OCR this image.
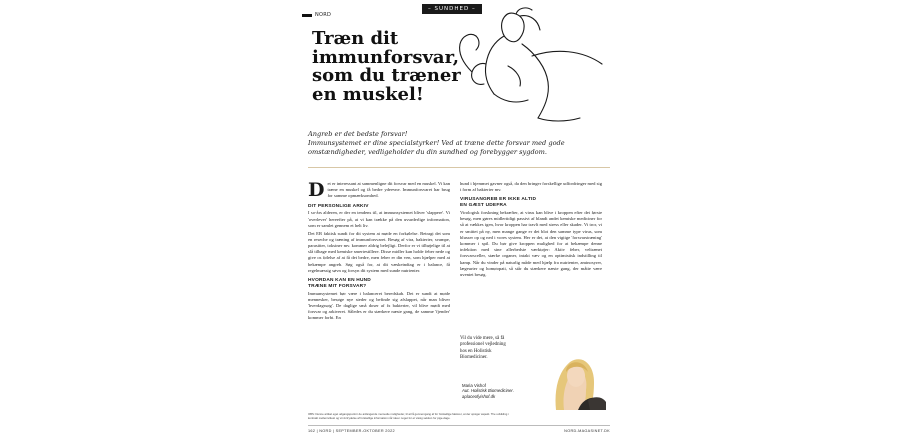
NORD
– SUNDHED –
Træn dit
immunforsvar,
som du træner
en muskel!
Angreb er det bedste forsvar!
Immunsystemet er dine specialstyrker! Ved at træne dette forsvar med gode
omstændigheder, vedligeholder du din sundhed og forebygger sygdom.

Det er interessant at sammenligne dit forsvar med en muskel. Vi kan træne en muskel og få bedre ydeevne. Immunforsvaret har brug for samme opmærksomhed.

DIT PERSONLIGE ARKIV

I so-års alderen, er der en tendens til, at immunsystemet bliver 'slappere'. Vi 'overlever' hereefter på, at vi kan trække på den uvurderlige information, som er samlet gennem et helt liv.

Det ER faktisk sundt for dit system at møde en forkølelse. Betragt det som en reseche og træning af immunforsvaret. Besøg af vira, bakterier, svampe, parasitter, toksiner mv. kommer aldrig belejligt. Derfor er vi tilbøjelige til at slå tilbage med kemiske smertestillere. Disse midler kan holde feber nede og give os følelse af at få det bedre, men feber er din ven, som hjælper med at bekæmpe angreb. Søg også for, at dit væskeindtag er i balance, få regelmæssig søvn og forsyn dit system med sunde nutrienter.

HVORDAN KAN EN HUND
TRÆNE MIT FORSVAR?

Immunsystemet bør være i balanceret beredskab. Det er sundt at møde mennesker, besøge nye steder og befinde sig afslappet, når man bliver 'hverdagssøg'. De daglige små doser af fx bakterier, vil blive mødt med forsvar og arkiveret. Således er du stærkere næste gang, de samme 'fjender' kommer forbi. En

hund i hjemmet gavner også, da den bringer forskellige udfordringer med sig i form af bakterier mv.

VIRUSANGREB ER IKKE ALTID
EN GÆST UDEFRA

Virologisk forskning bekræfter, at virus kan blive i kroppen efter det første besøg, men gøres midlertidigt passivt af blandt andet kemiske mediciner for så at vækkes igen, hvor kroppen har travlt med stress eller skader. Vi tror, vi er smittet på ny, men mange gange er det blot den samme type virus, som blusser op og ned i vores system. Her er det, at den vigtige 'forsvarstræning' kommer i spil. Du bør give kroppen mulighed for at bekæmpe denne infektion med sine allerbedste værktøjer: Aktiv feber, veltrænet forsvarsceller, stærke organer, intakt væv og en optimistisk indstilling til kamp. Når du vinder på naturlig måde med hjælp fra nutrienter, aminosyrer, lægeurter og homøopati, så står du stærkere næste gang, der måtte være uventet besøg.

Vil du vide mere, så få

professionel vejledning

hos en Holistisk

Biomediciner.

Maria Vishof
Aut. Holistisk Biomediciner.
aplaceofyishof.dk
OBS: Denne artikel eget udgangspunkt i de anfangende memedie muligheder, til at få gennemgang af for forskellige faktorer, at der opsiger aspekt. The udvikling i
kontrakt mellemvittest og vir-fortrydelse af forskellige information når idea i noget for et vissig sektion for pige-dage.
162 | NORD | SEPTEMBER-OKTOBER 2022	NORD-MAGASINET.DK
